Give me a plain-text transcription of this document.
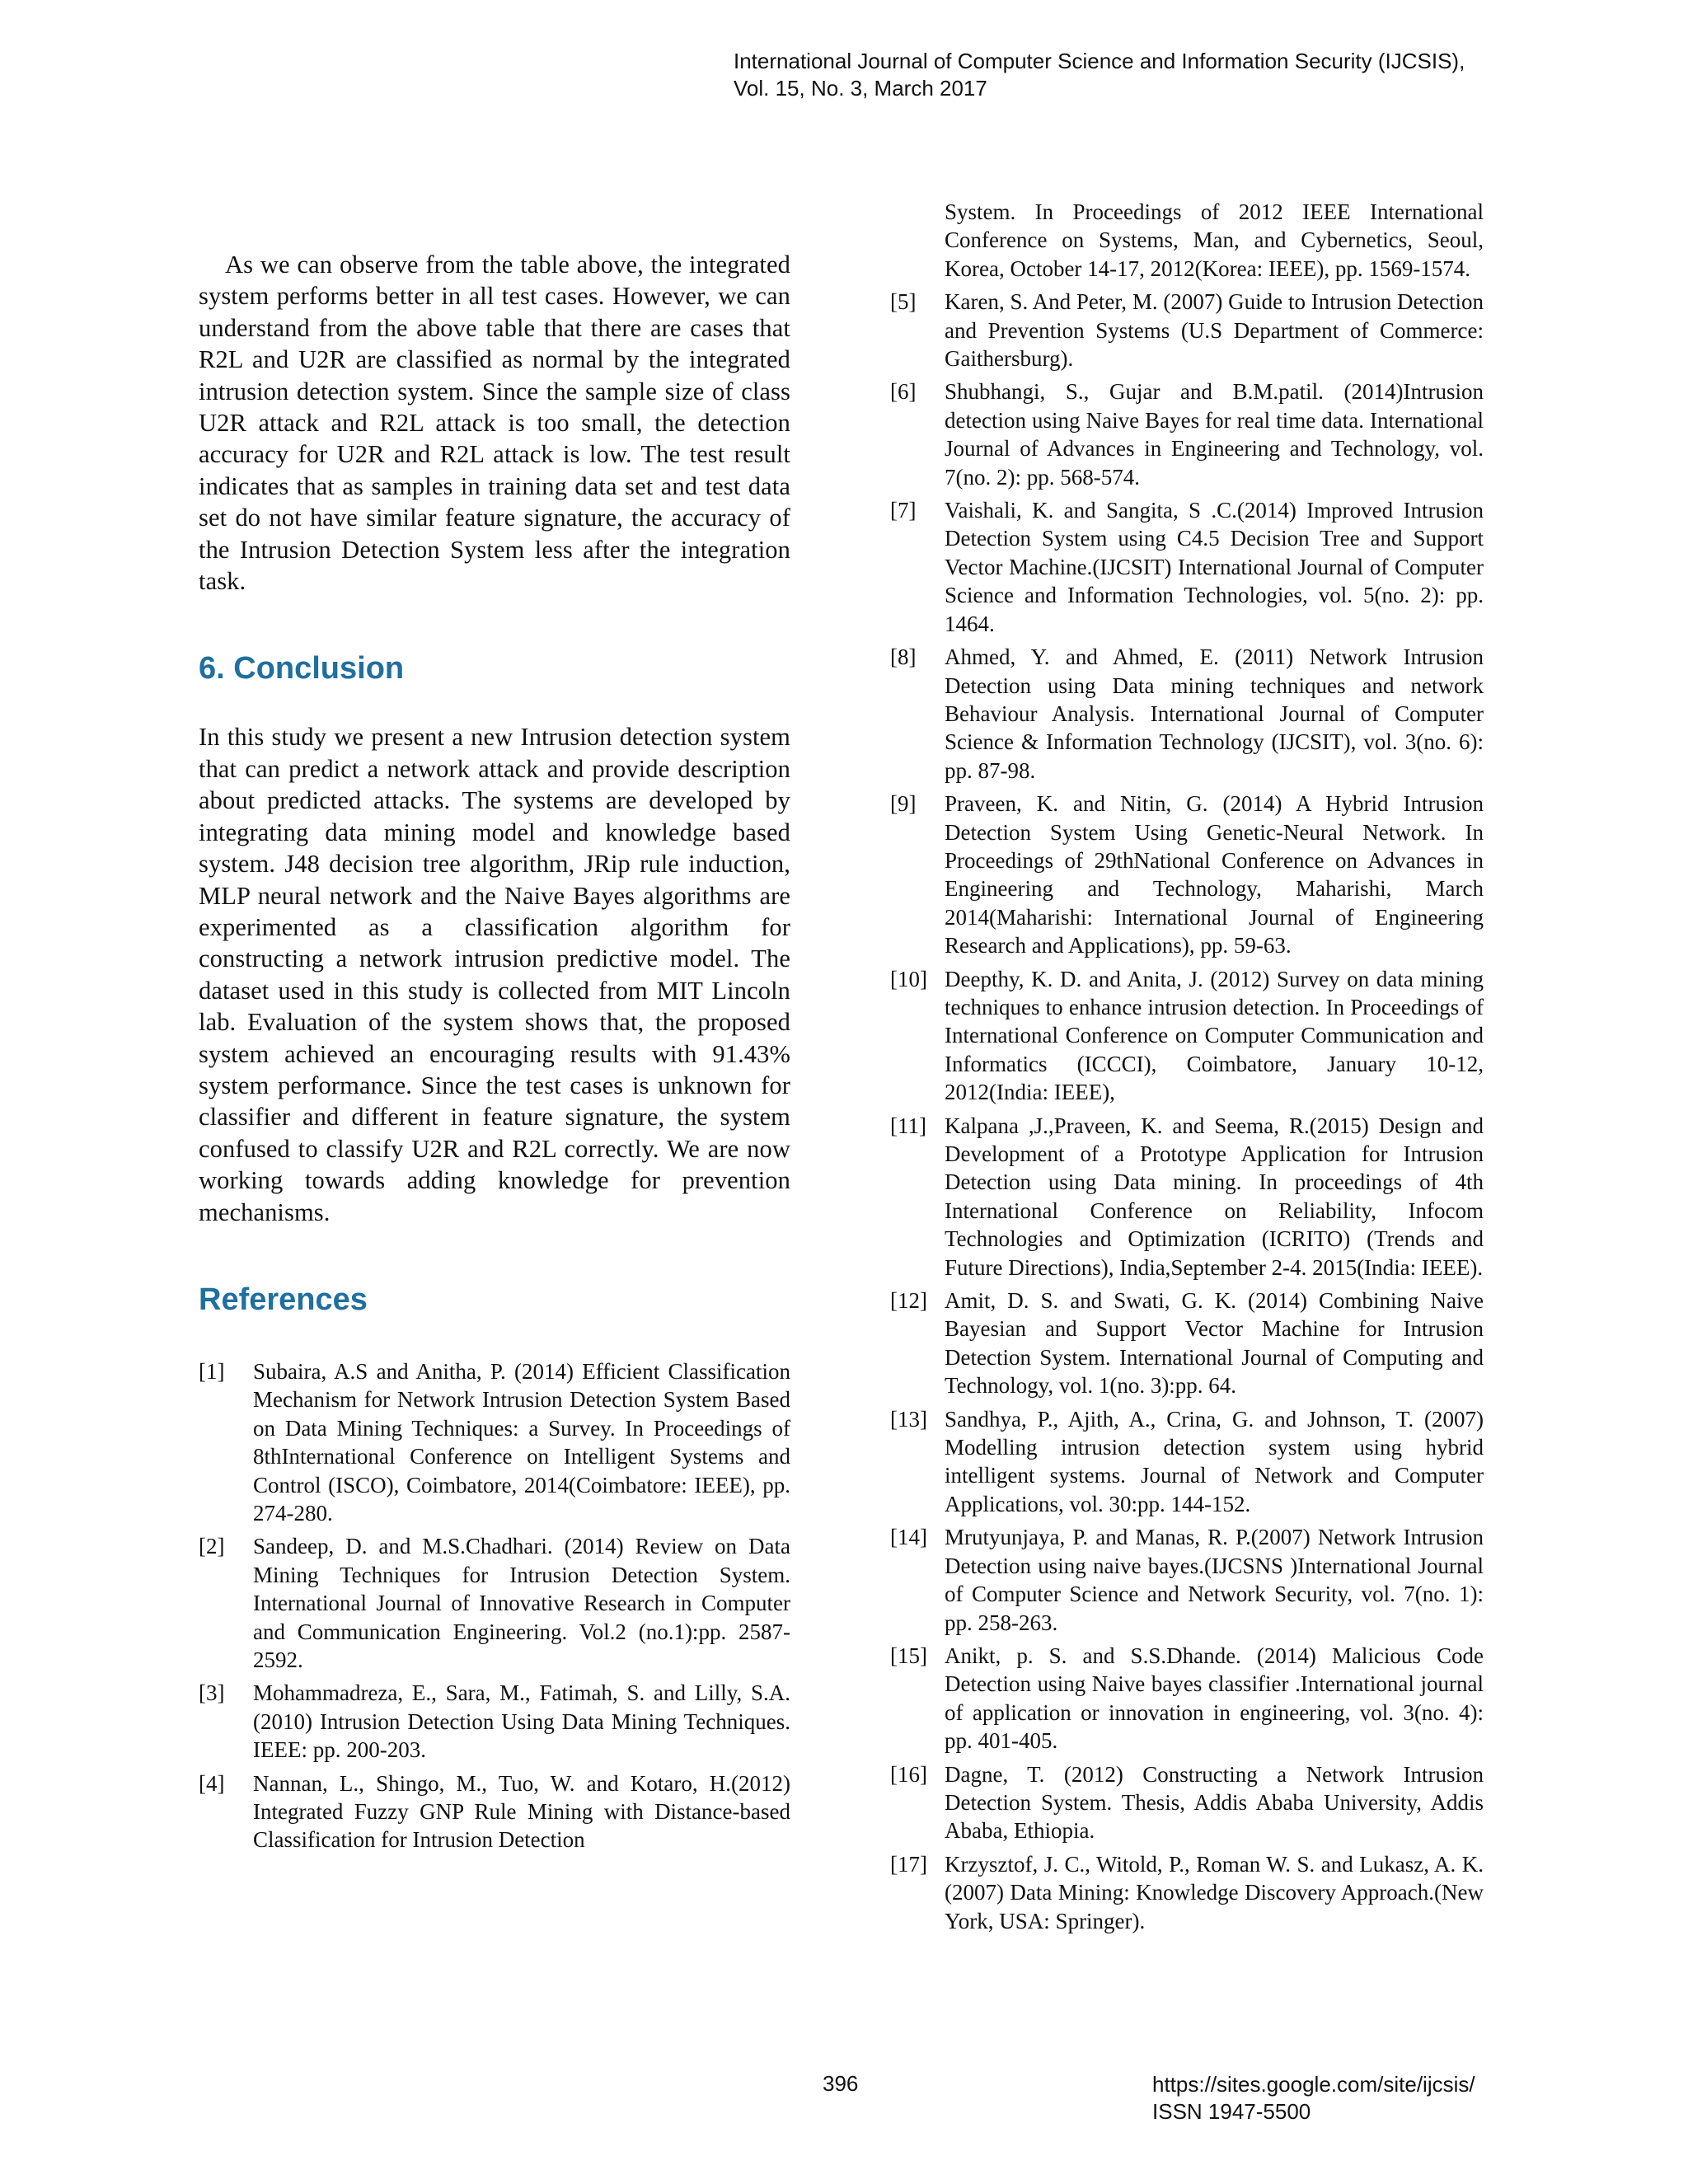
International Journal of Computer Science and Information Security (IJCSIS),
Vol. 15, No. 3, March 2017

As we can observe from the table above, the integrated system performs better in all test cases. However, we can understand from the above table that there are cases that R2L and U2R are classified as normal by the integrated intrusion detection system. Since the sample size of class U2R attack and R2L attack is too small, the detection accuracy for U2R and R2L attack is low. The test result indicates that as samples in training data set and test data set do not have similar feature signature, the accuracy of the Intrusion Detection System less after the integration task.

6. Conclusion

In this study we present a new Intrusion detection system that can predict a network attack and provide description about predicted attacks. The systems are developed by integrating data mining model and knowledge based system. J48 decision tree algorithm, JRip rule induction, MLP neural network and the Naive Bayes algorithms are experimented as a classification algorithm for constructing a network intrusion predictive model. The dataset used in this study is collected from MIT Lincoln lab. Evaluation of the system shows that, the proposed system achieved an encouraging results with 91.43% system performance. Since the test cases is unknown for classifier and different in feature signature, the system confused to classify U2R and R2L correctly. We are now working towards adding knowledge for prevention mechanisms.

References
[1]	Subaira, A.S and Anitha, P. (2014) Efficient Classification Mechanism for Network Intrusion Detection System Based on Data Mining Techniques: a Survey. In Proceedings of 8thInternational Conference on Intelligent Systems and Control (ISCO), Coimbatore, 2014(Coimbatore: IEEE), pp. 274-280.
[2]	Sandeep, D. and M.S.Chadhari. (2014) Review on Data Mining Techniques for Intrusion Detection System. International Journal of Innovative Research in Computer and Communication Engineering. Vol.2 (no.1):pp. 2587-2592.
[3]	Mohammadreza, E., Sara, M., Fatimah, S. and Lilly, S.A. (2010) Intrusion Detection Using Data Mining Techniques. IEEE: pp. 200-203.
[4]	Nannan, L., Shingo, M., Tuo, W. and Kotaro, H.(2012) Integrated Fuzzy GNP Rule Mining with Distance-based Classification for Intrusion Detection

System. In Proceedings of 2012 IEEE International Conference on Systems, Man, and Cybernetics, Seoul, Korea, October 14-17, 2012(Korea: IEEE), pp. 1569-1574.

[5]	Karen, S. And Peter, M. (2007) Guide to Intrusion Detection and Prevention Systems (U.S Department of Commerce: Gaithersburg).
[6]	Shubhangi, S., Gujar and B.M.patil. (2014)Intrusion detection using Naive Bayes for real time data. International Journal of Advances in Engineering and Technology, vol. 7(no. 2): pp. 568-574.
[7]	Vaishali, K. and Sangita, S .C.(2014) Improved Intrusion Detection System using C4.5 Decision Tree and Support Vector Machine.(IJCSIT) International Journal of Computer Science and Information Technologies, vol. 5(no. 2): pp. 1464.
[8]	Ahmed, Y. and Ahmed, E. (2011) Network Intrusion Detection using Data mining techniques and network Behaviour Analysis. International Journal of Computer Science & Information Technology (IJCSIT), vol. 3(no. 6): pp. 87-98.
[9]	Praveen, K. and Nitin, G. (2014) A Hybrid Intrusion Detection System Using Genetic-Neural Network. In Proceedings of 29thNational Conference on Advances in Engineering and Technology, Maharishi, March 2014(Maharishi: International Journal of Engineering Research and Applications), pp. 59-63.
[10] Deepthy, K. D. and Anita, J. (2012) Survey on data mining techniques to enhance intrusion detection. In Proceedings of International Conference on Computer Communication and Informatics (ICCCI), Coimbatore, January 10-12, 2012(India: IEEE),
[11] Kalpana ,J.,Praveen, K. and Seema, R.(2015) Design and Development of a Prototype Application for Intrusion Detection using Data mining. In proceedings of 4th International Conference on Reliability, Infocom Technologies and Optimization (ICRITO) (Trends and Future Directions), India,September 2-4. 2015(India: IEEE).
[12] Amit, D. S. and Swati, G. K. (2014) Combining Naive Bayesian and Support Vector Machine for Intrusion Detection System. International Journal of Computing and Technology, vol. 1(no. 3):pp. 64.
[13] Sandhya, P., Ajith, A., Crina, G. and Johnson, T. (2007) Modelling intrusion detection system using hybrid intelligent systems. Journal of Network and Computer Applications, vol. 30:pp. 144-152.
[14] Mrutyunjaya, P. and Manas, R. P.(2007) Network Intrusion Detection using naive bayes.(IJCSNS )International Journal of Computer Science and Network Security, vol. 7(no. 1): pp. 258-263.
[15] Anikt, p. S. and S.S.Dhande. (2014) Malicious Code Detection using Naive bayes classifier .International journal of application or innovation in engineering, vol. 3(no. 4): pp. 401-405.
[16] Dagne, T. (2012) Constructing a Network Intrusion Detection System. Thesis, Addis Ababa University, Addis Ababa, Ethiopia.
[17] Krzysztof, J. C., Witold, P., Roman W. S. and Lukasz, A. K. (2007) Data Mining: Knowledge Discovery Approach.(New York, USA: Springer).
396	https://sites.google.com/site/ijcsis/
ISSN 1947-5500
